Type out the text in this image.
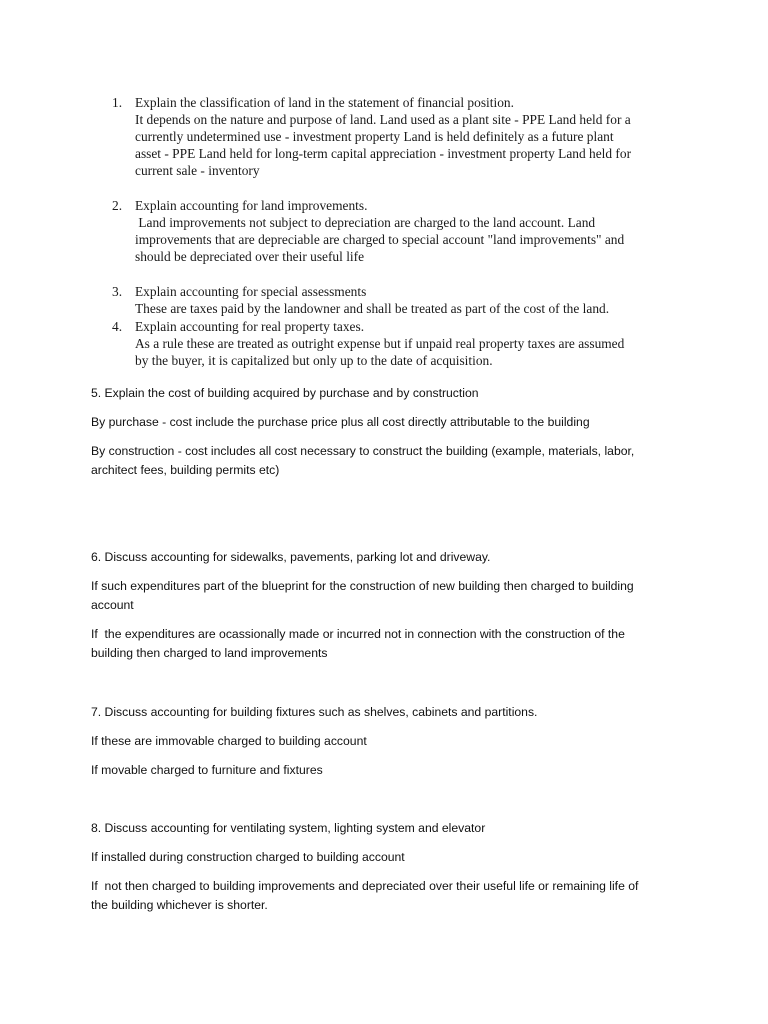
1. Explain the classification of land in the statement of financial position.
It depends on the nature and purpose of land. Land used as a plant site - PPE Land held for a
currently undetermined use - investment property Land is held definitely as a future plant
asset - PPE Land held for long-term capital appreciation - investment property Land held for
current sale - inventory
2. Explain accounting for land improvements.
Land improvements not subject to depreciation are charged to the land account. Land
improvements that are depreciable are charged to special account "land improvements" and
should be depreciated over their useful life
3. Explain accounting for special assessments
These are taxes paid by the landowner and shall be treated as part of the cost of the land.
4. Explain accounting for real property taxes.
As a rule these are treated as outright expense but if unpaid real property taxes are assumed
by the buyer, it is capitalized but only up to the date of acquisition.
5. Explain the cost of building acquired by purchase and by construction
By purchase - cost include the purchase price plus all cost directly attributable to the building
By construction - cost includes all cost necessary to construct the building (example, materials, labor,
architect fees, building permits etc)
6. Discuss accounting for sidewalks, pavements, parking lot and driveway.
If such expenditures part of the blueprint for the construction of new building then charged to building
account
If  the expenditures are ocassionally made or incurred not in connection with the construction of the
building then charged to land improvements
7. Discuss accounting for building fixtures such as shelves, cabinets and partitions.
If these are immovable charged to building account
If movable charged to furniture and fixtures
8. Discuss accounting for ventilating system, lighting system and elevator
If installed during construction charged to building account
If  not then charged to building improvements and depreciated over their useful life or remaining life of
the building whichever is shorter.
